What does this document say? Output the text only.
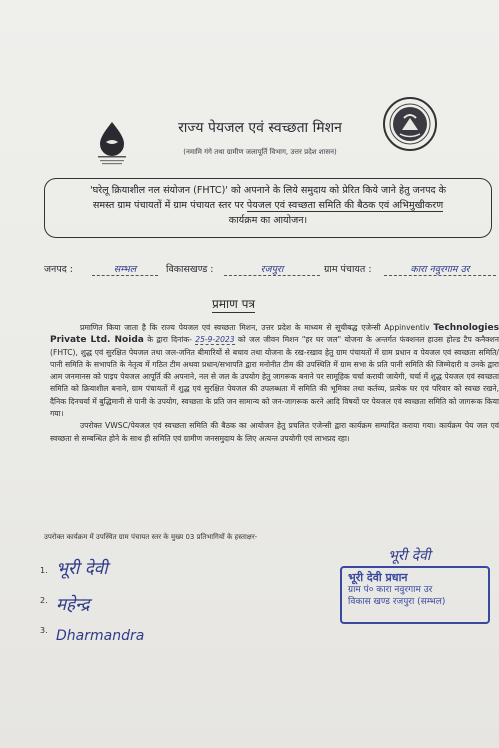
राज्य पेयजल एवं स्वच्छता मिशन
(नमामि गंगे तथा ग्रामीण जलापूर्ति विभाग, उत्तर प्रदेश शासन)
'घरेलू क्रियाशील नल संयोजन (FHTC)' को अपनाने के लिये समुदाय को प्रेरित किये जाने हेतु जनपद के
समस्त ग्राम पंचायतों में ग्राम पंचायत स्तर पर पेयजल एवं स्वच्छता समिति की बैठक एवं अभिमुखीकरण
कार्यक्रम का आयोजन।
जनपद :	सम्भल	विकासखण्ड :	रजपुरा	ग्राम पंचायत :	कारा नवुरगाम उर
प्रमाण पत्र

प्रमाणित किया जाता है कि राज्य पेयजल एवं स्वच्छता मिशन, उत्तर प्रदेश के माध्यम से सूचीबद्ध एजेन्सी Appinventiv Technologies Private Ltd. Noida के द्वारा दिनांक- 25-9-2023 को जल जीवन मिशन "हर घर जल" योजना के अन्तर्गत फंक्शनल हाउस होल्ड टैप कनैक्शन (FHTC), शुद्ध एवं सुरक्षित पेयजल तथा जल-जनित बीमारियों से बचाव तथा योजना के रख-रखाव हेतु ग्राम पंचायतों में ग्राम प्रधान व पेयजल एवं स्वच्छता समिति/पानी समिति के सभापति के नेतृत्व में गठित टीम अथवा प्रधान/सभापति द्वारा मनोनीत टीम की उपस्थिति में ग्राम सभा के प्रति पानी समिति की जिम्मेदारी व उनके द्वारा आम जनमानस को पाइप पेयजल आपूर्ति की अपनाने, नल से जल के उपयोग हेतु जागरूक बनाने पर सामूहिक चर्चा करायी जायेगी, चर्चा में शुद्ध पेयजल एवं स्वच्छता समिति को क्रियाशील बनाने, ग्राम पंचायतों में शुद्ध एवं सुरक्षित पेयजल की उपलब्धता में समिति की भूमिका तथा कर्तव्य, प्रत्येक घर एवं परिवार को स्वच्छ रखने, दैनिक दिनचर्या में बुद्धिमानी से पानी के उपयोग, स्वच्छता के प्रति जन सामान्य को जन-जागरूक करने आदि विषयों पर पेयजल एवं स्वच्छता समिति को जागरूक किया गया।

उपरोक्त VWSC/पेयजल एवं स्वच्छता समिति की बैठक का आयोजन हेतु प्रचलित एजेन्सी द्वारा कार्यक्रम सम्पादित कराया गया। कार्यक्रम पेय जल एवं स्वच्छता से सम्बन्धित होने के साथ ही समिति एवं ग्रामीण जनसमुदाय के लिए अत्यन्त उपयोगी एवं लाभप्रद रहा।

उपरोक्त कार्यक्रम में उपस्थित ग्राम पंचायत स्तर के मुख्य 03 प्रतिभागियों के हस्ताक्षर-
1. भूरी देवी
2. महेन्द्र
3. Dharmandra
भूरी देवी
भूरी देवी प्रधान
ग्राम पं० कारा नवुरगाम उर
विकास खण्ड रजपुरा (सम्भल)
